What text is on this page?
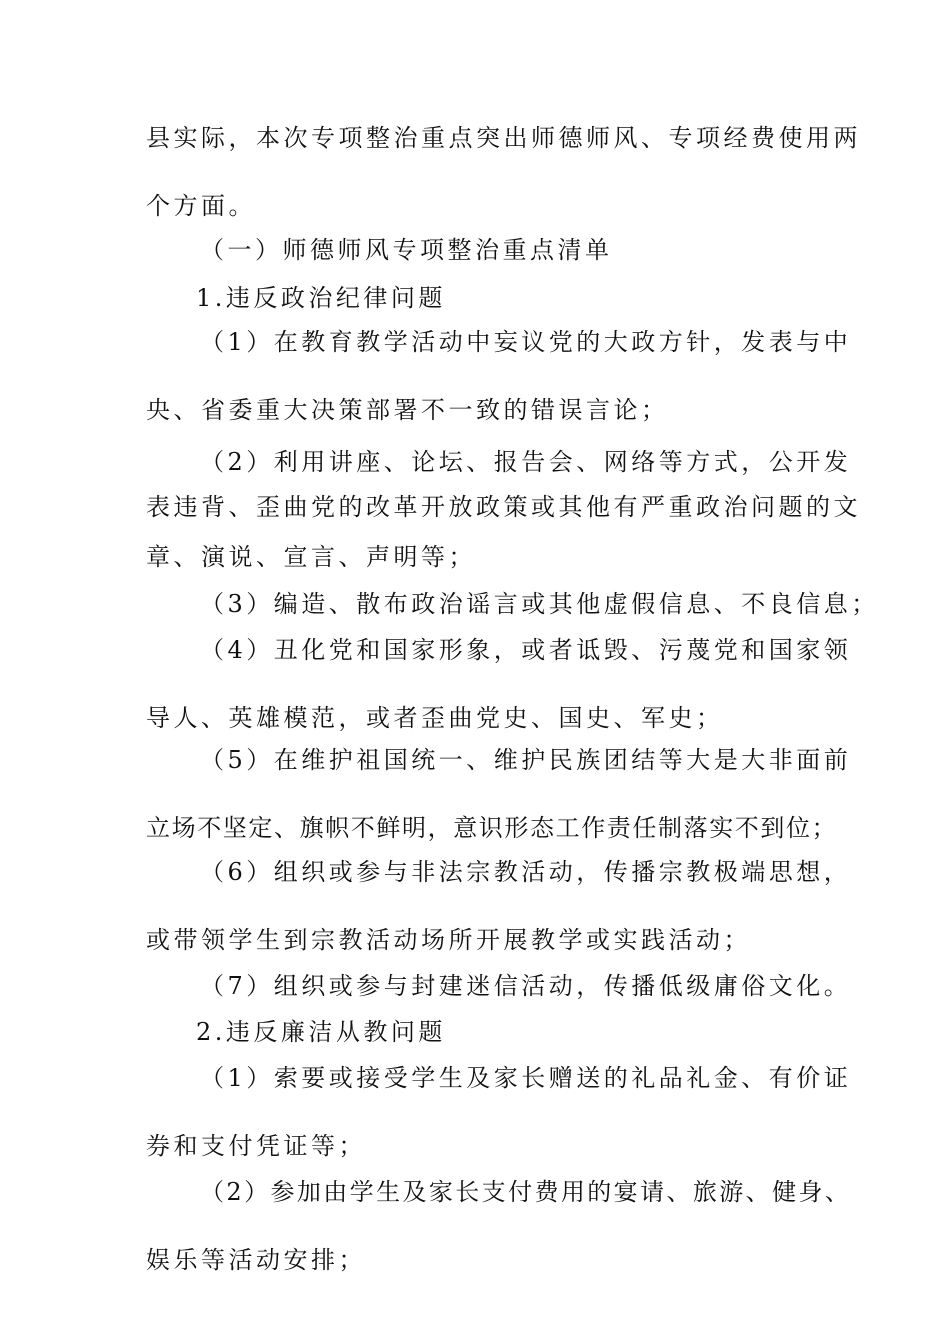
县实际，本次专项整治重点突出师德师风、专项经费使用两
个方面。
（一）师德师风专项整治重点清单
1.违反政治纪律问题
（1）在教育教学活动中妄议党的大政方针，发表与中
央、省委重大决策部署不一致的错误言论；
（2）利用讲座、论坛、报告会、网络等方式，公开发
表违背、歪曲党的改革开放政策或其他有严重政治问题的文
章、演说、宣言、声明等；
（3）编造、散布政治谣言或其他虚假信息、不良信息；
（4）丑化党和国家形象，或者诋毁、污蔑党和国家领
导人、英雄模范，或者歪曲党史、国史、军史；
（5）在维护祖国统一、维护民族团结等大是大非面前
立场不坚定、旗帜不鲜明，意识形态工作责任制落实不到位；
（6）组织或参与非法宗教活动，传播宗教极端思想，
或带领学生到宗教活动场所开展教学或实践活动；
（7）组织或参与封建迷信活动，传播低级庸俗文化。
2.违反廉洁从教问题
（1）索要或接受学生及家长赠送的礼品礼金、有价证
券和支付凭证等；
（2）参加由学生及家长支付费用的宴请、旅游、健身、
娱乐等活动安排；
